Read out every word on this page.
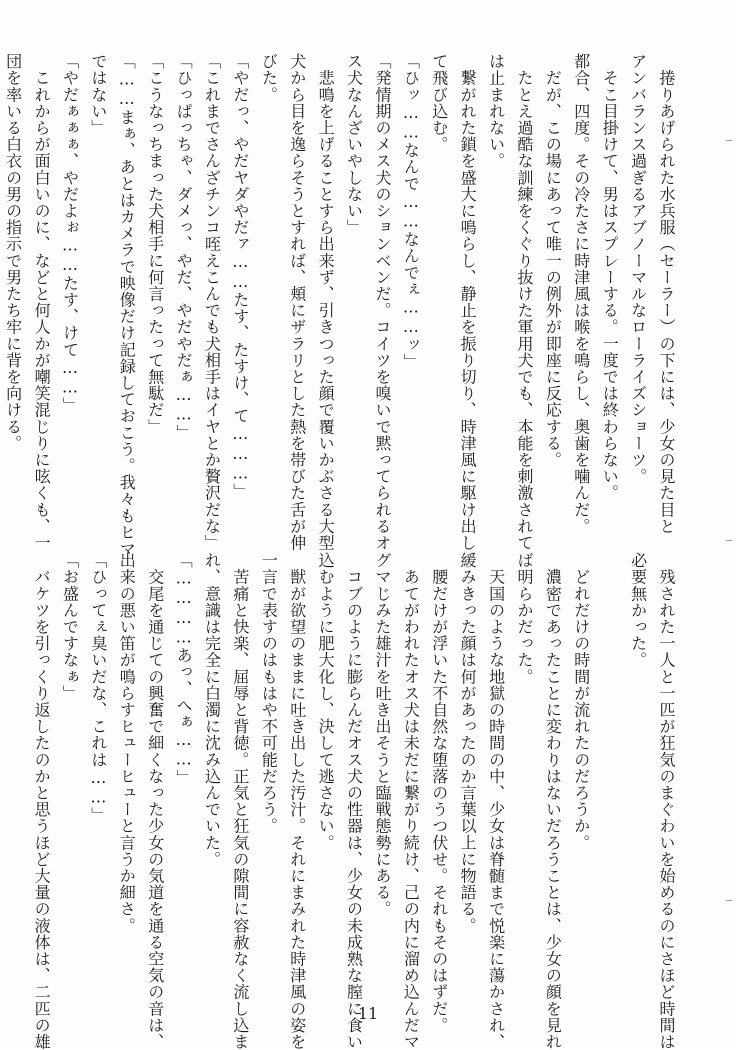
　捲りあげられた水兵服（セーラー）の下には、少女の見た目と
アンバランス過ぎるアブノーマルなローライズショーツ。
　そこ目掛けて、男はスプレーする。一度では終わらない。
都合、四度。その冷たさに時津風は喉を鳴らし、奥歯を噛んだ。
　だが、この場にあって唯一の例外が即座に反応する。
　たとえ過酷な訓練をくぐり抜けた軍用犬でも、本能を刺激されて
は止まれない。
　繋がれた鎖を盛大に鳴らし、静止を振り切り、時津風に駆け出し
て飛び込む。
「ひッ……なんで……なんでぇ……ッ」
「発情期のメス犬のションベンだ。コイツを嗅いで黙ってられるオ
ス犬なんざいやしない」
　悲鳴を上げることすら出来ず、引きつった顔で覆いかぶさる大型
犬から目を逸らそうとすれば、頬にザラリとした熱を帯びた舌が伸
びた。
「やだっ、やだヤダやだァ……たす、たすけ、て………」
「これまでさんざチンコ咥えこんでも犬相手はイヤとか贅沢だな」
「ひっぱっちゃ、ダメっ、やだ、やだやだぁ……」
「こうなっちまった犬相手に何言ったって無駄だ」
「……まぁ、あとはカメラで映像だけ記録しておこう。我々もヒマ
ではない」
「やだぁぁぁ、やだよぉ……たす、けて……」
　これからが面白いのに、などと何人かが嘲笑混じりに呟くも、一
団を率いる白衣の男の指示で男たち牢に背を向ける。
　残された一人と一匹が狂気のまぐわいを始めるのにさほど時間は
必要無かった。

　どれだけの時間が流れたのだろうか。
　濃密であったことに変わりはないだろうことは、少女の顔を見れ
ば明らかだった。
　天国のような地獄の時間の中、少女は脊髄まで悦楽に蕩かされ、
緩みきった顔は何があったのか言葉以上に物語る。
　腰だけが浮いた不自然な堕落のうつ伏せ。それもそのはずだ。
　あてがわれたオス犬は未だに繋がり続け、己の内に溜め込んだマ
グマじみた雄汁を吐き出そうと臨戦態勢にある。
　コブのように膨らんだオス犬の性器は、少女の未成熟な膣に食い
込むように肥大化し、決して逃さない。
　獣が欲望のままに吐き出した汚汁。それにまみれた時津風の姿を
一言で表すのはもはや不可能だろう。
　苦痛と快楽、屈辱と背徳。正気と狂気の隙間に容赦なく流し込ま
れ、意識は完全に白濁に沈み込んでいた。
「…………あっ、へぁ……」
　交尾を通じての興奮で細くなった少女の気道を通る空気の音は、
出来の悪い笛が鳴らすヒューヒューと言うか細さ。
「ひってぇ臭いだな、これは……」
「お盛んですなぁ」
　バケツを引っくり返したのかと思うほど大量の液体は、二匹の雄	11
